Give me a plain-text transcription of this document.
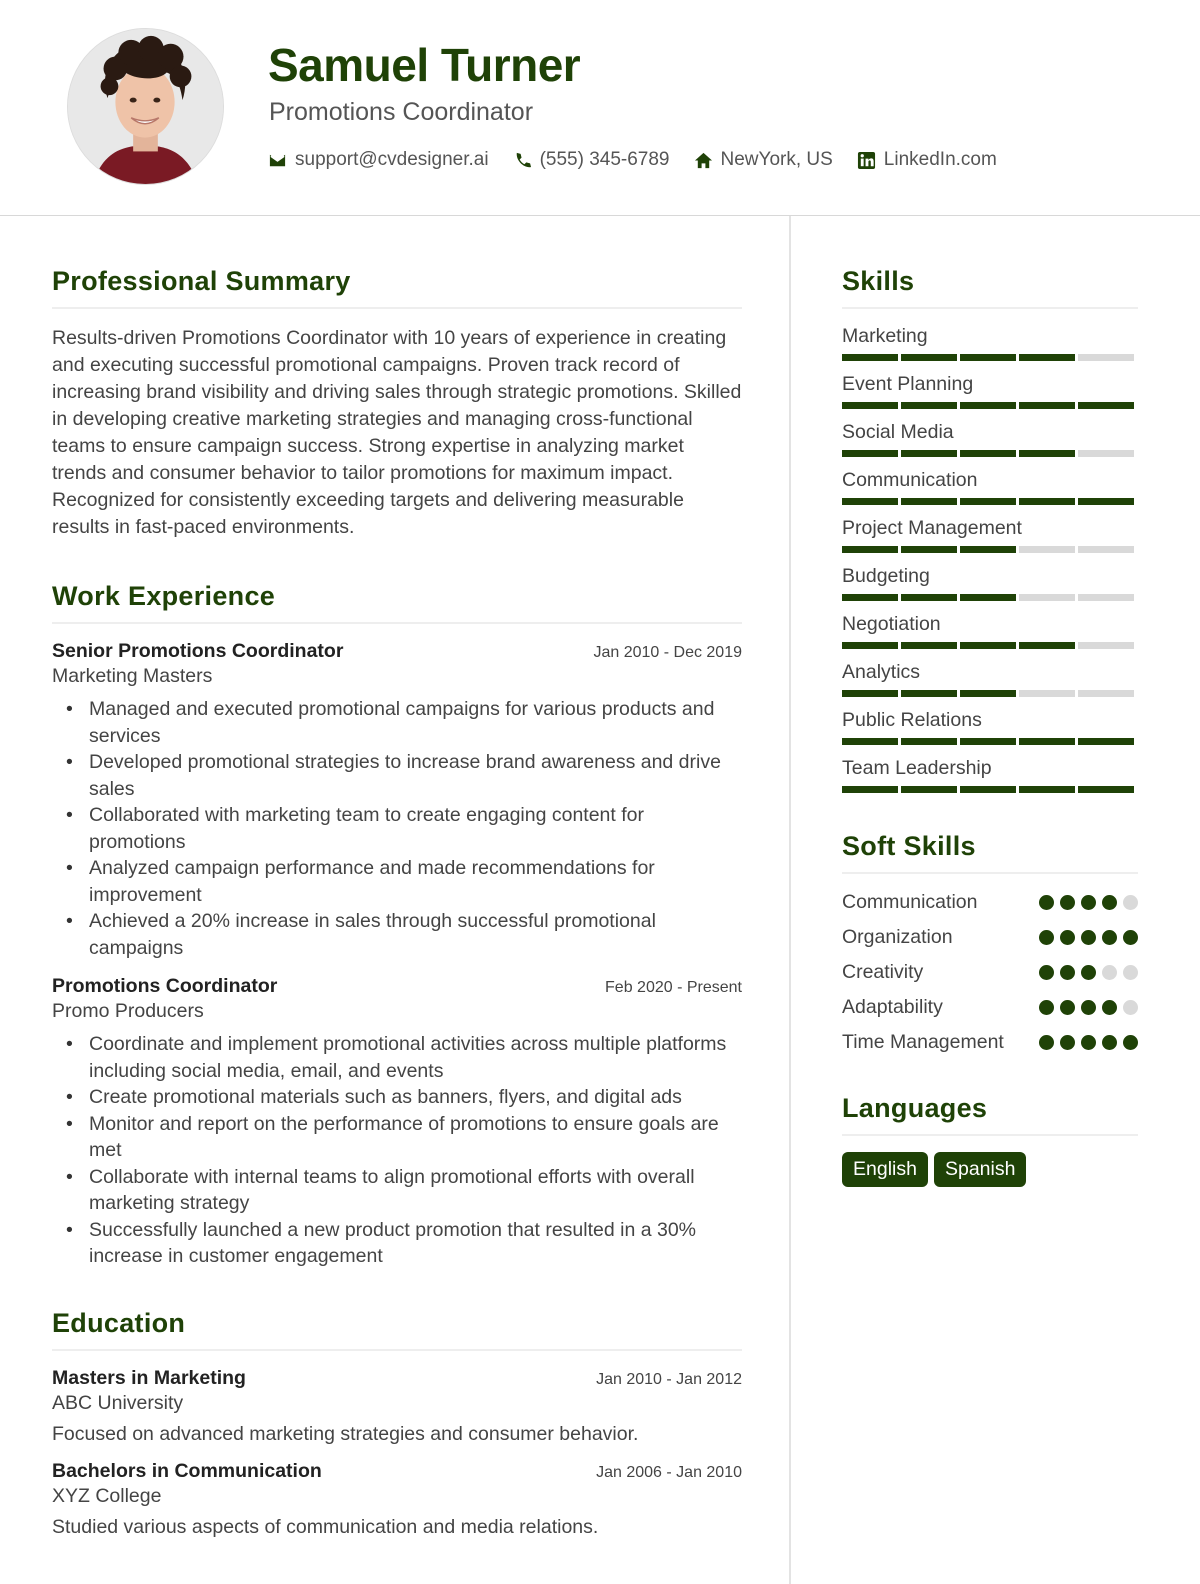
Samuel Turner
Promotions Coordinator
support@cvdesigner.ai	(555) 345-6789	NewYork, US	LinkedIn.com
Professional Summary

Results-driven Promotions Coordinator with 10 years of experience in creating and executing successful promotional campaigns. Proven track record of increasing brand visibility and driving sales through strategic promotions. Skilled in developing creative marketing strategies and managing cross-functional teams to ensure campaign success. Strong expertise in analyzing market trends and consumer behavior to tailor promotions for maximum impact. Recognized for consistently exceeding targets and delivering measurable results in fast-paced environments.

Work Experience
Senior Promotions Coordinator	Jan 2010 - Dec 2019
Marketing Masters
• Managed and executed promotional campaigns for various products and services
• Developed promotional strategies to increase brand awareness and drive sales
• Collaborated with marketing team to create engaging content for promotions
• Analyzed campaign performance and made recommendations for improvement
• Achieved a 20% increase in sales through successful promotional campaigns
Promotions Coordinator	Feb 2020 - Present
Promo Producers
• Coordinate and implement promotional activities across multiple platforms including social media, email, and events
• Create promotional materials such as banners, flyers, and digital ads
• Monitor and report on the performance of promotions to ensure goals are met
• Collaborate with internal teams to align promotional efforts with overall marketing strategy
• Successfully launched a new product promotion that resulted in a 30% increase in customer engagement
Education
Masters in Marketing	Jan 2010 - Jan 2012
ABC University
Focused on advanced marketing strategies and consumer behavior.
Bachelors in Communication	Jan 2006 - Jan 2010
XYZ College
Studied various aspects of communication and media relations.
Skills
Marketing
Event Planning
Social Media
Communication
Project Management
Budgeting
Negotiation
Analytics
Public Relations
Team Leadership
Soft Skills
Communication
Organization
Creativity
Adaptability
Time Management
Languages
English	Spanish
